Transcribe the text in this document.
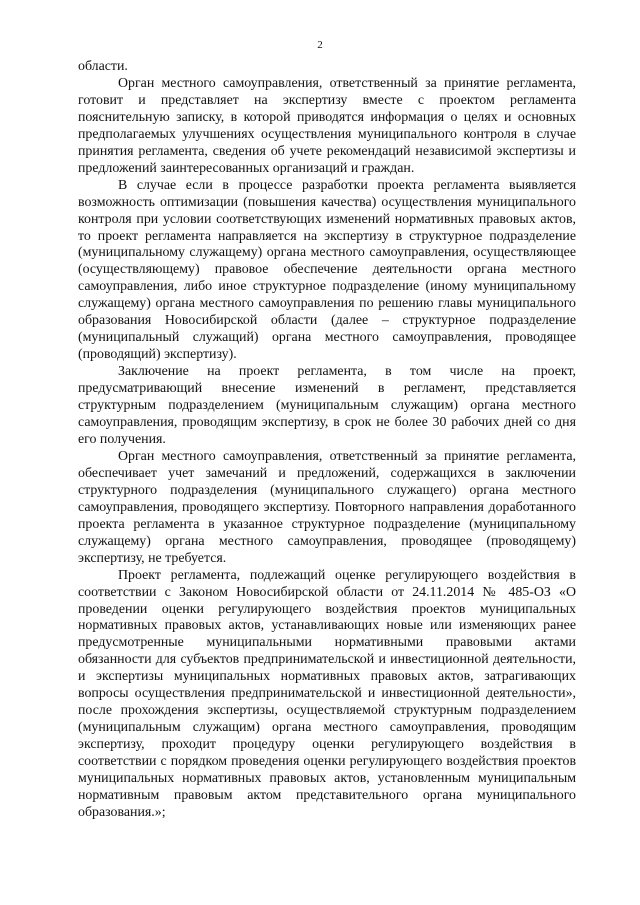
2

области.

Орган местного самоуправления, ответственный за принятие регламента, готовит и представляет на экспертизу вместе с проектом регламента пояснительную записку, в которой приводятся информация о целях и основных предполагаемых улучшениях осуществления муниципального контроля в случае принятия регламента, сведения об учете рекомендаций независимой экспертизы и предложений заинтересованных организаций и граждан.

В случае если в процессе разработки проекта регламента выявляется возможность оптимизации (повышения качества) осуществления муниципального контроля при условии соответствующих изменений нормативных правовых актов, то проект регламента направляется на экспертизу в структурное подразделение (муниципальному служащему) органа местного самоуправления, осуществляющее (осуществляющему) правовое обеспечение деятельности органа местного самоуправления, либо иное структурное подразделение (иному муниципальному служащему) органа местного самоуправления по решению главы муниципального образования Новосибирской области (далее – структурное подразделение (муниципальный служащий) органа местного самоуправления, проводящее (проводящий) экспертизу).

Заключение на проект регламента, в том числе на проект, предусматривающий внесение изменений в регламент, представляется структурным подразделением (муниципальным служащим) органа местного самоуправления, проводящим экспертизу, в срок не более 30 рабочих дней со дня его получения.

Орган местного самоуправления, ответственный за принятие регламента, обеспечивает учет замечаний и предложений, содержащихся в заключении структурного подразделения (муниципального служащего) органа местного самоуправления, проводящего экспертизу. Повторного направления доработанного проекта регламента в указанное структурное подразделение (муниципальному служащему) органа местного самоуправления, проводящее (проводящему) экспертизу, не требуется.

Проект регламента, подлежащий оценке регулирующего воздействия в соответствии с Законом Новосибирской области от 24.11.2014 № 485-ОЗ «О проведении оценки регулирующего воздействия проектов муниципальных нормативных правовых актов, устанавливающих новые или изменяющих ранее предусмотренные муниципальными нормативными правовыми актами обязанности для субъектов предпринимательской и инвестиционной деятельности, и экспертизы муниципальных нормативных правовых актов, затрагивающих вопросы осуществления предпринимательской и инвестиционной деятельности», после прохождения экспертизы, осуществляемой структурным подразделением (муниципальным служащим) органа местного самоуправления, проводящим экспертизу, проходит процедуру оценки регулирующего воздействия в соответствии с порядком проведения оценки регулирующего воздействия проектов муниципальных нормативных правовых актов, установленным муниципальным нормативным правовым актом представительного органа муниципального образования.»;
